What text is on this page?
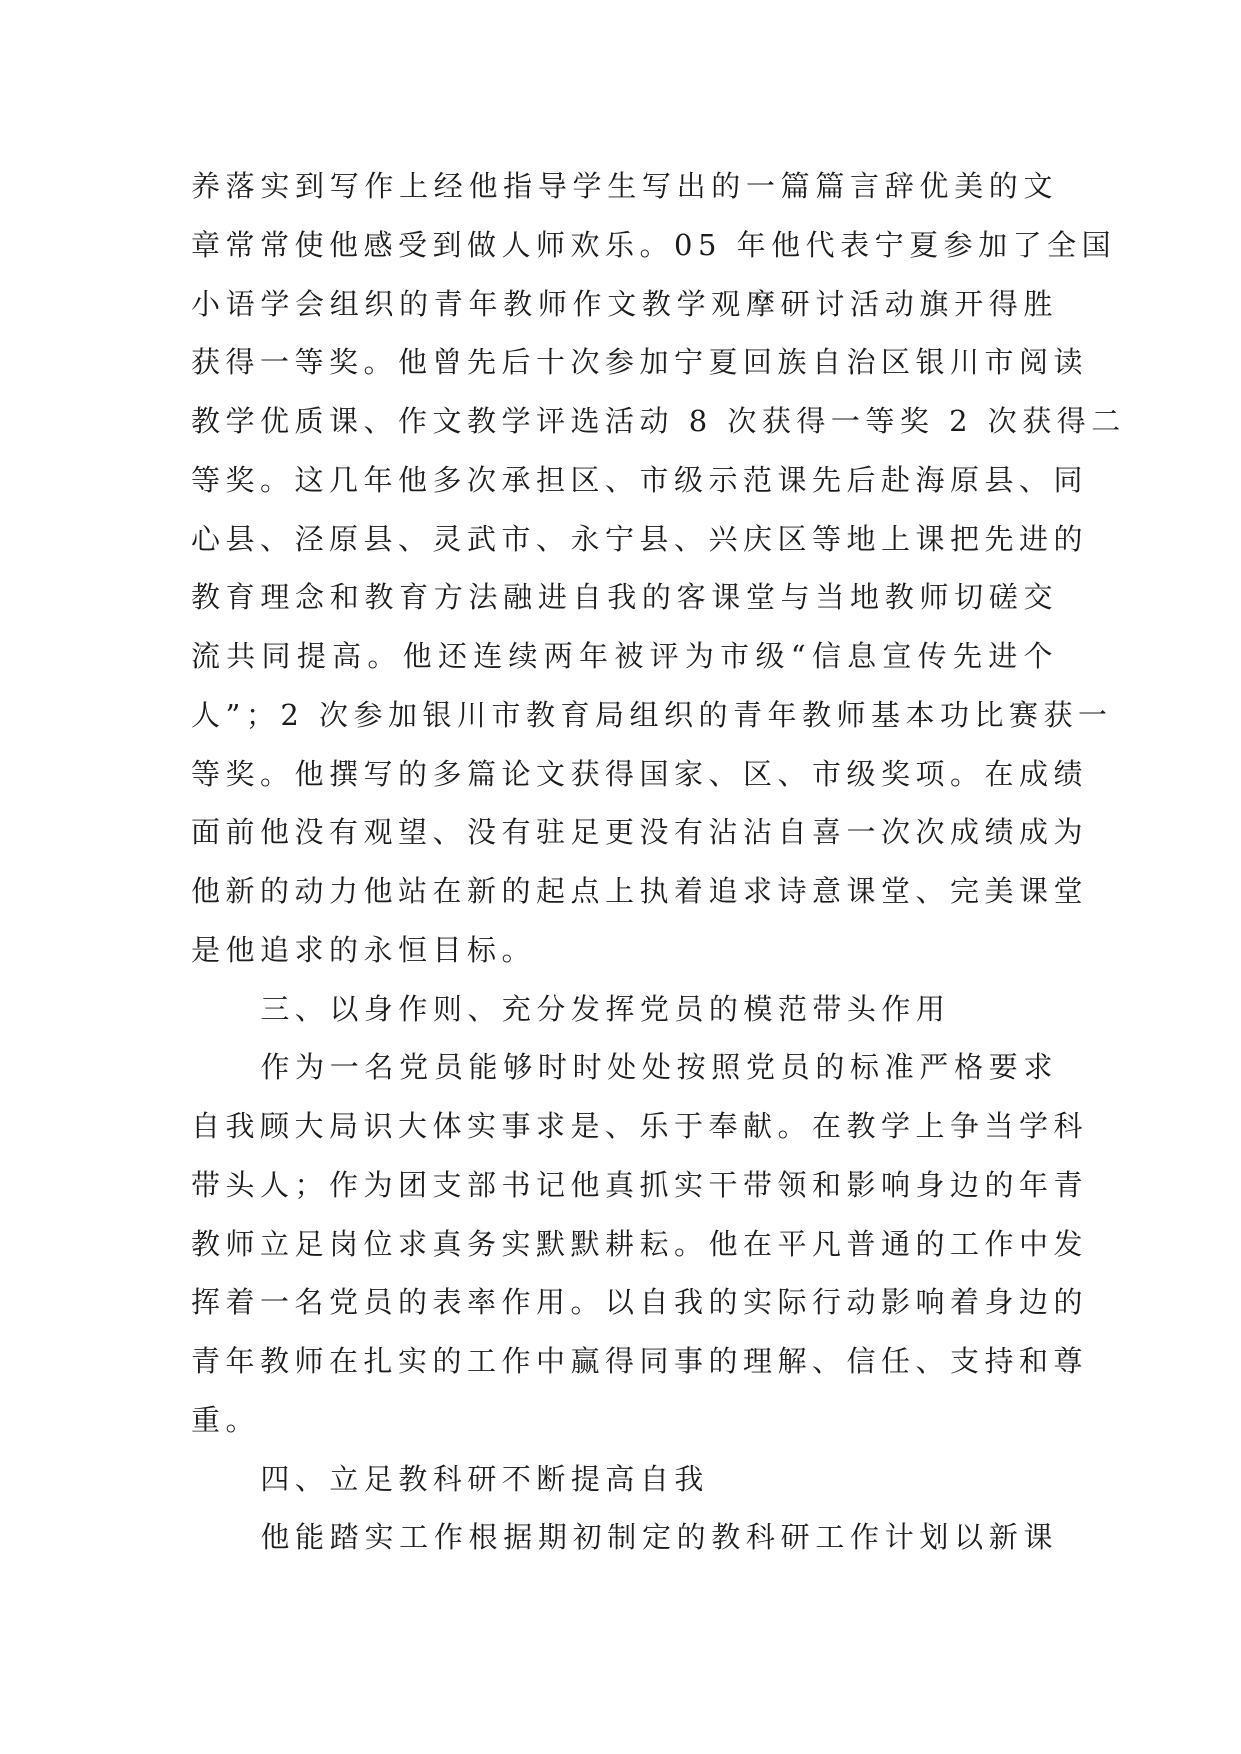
养落实到写作上经他指导学生写出的一篇篇言辞优美的文
章常常使他感受到做人师欢乐。05 年他代表宁夏参加了全国
小语学会组织的青年教师作文教学观摩研讨活动旗开得胜
获得一等奖。他曾先后十次参加宁夏回族自治区银川市阅读
教学优质课、作文教学评选活动 8 次获得一等奖 2 次获得二
等奖。这几年他多次承担区、市级示范课先后赴海原县、同
心县、泾原县、灵武市、永宁县、兴庆区等地上课把先进的
教育理念和教育方法融进自我的客课堂与当地教师切磋交
流共同提高。他还连续两年被评为市级“信息宣传先进个
人”；2 次参加银川市教育局组织的青年教师基本功比赛获一
等奖。他撰写的多篇论文获得国家、区、市级奖项。在成绩
面前他没有观望、没有驻足更没有沾沾自喜一次次成绩成为
他新的动力他站在新的起点上执着追求诗意课堂、完美课堂
是他追求的永恒目标。
三、以身作则、充分发挥党员的模范带头作用
作为一名党员能够时时处处按照党员的标准严格要求
自我顾大局识大体实事求是、乐于奉献。在教学上争当学科
带头人；作为团支部书记他真抓实干带领和影响身边的年青
教师立足岗位求真务实默默耕耘。他在平凡普通的工作中发
挥着一名党员的表率作用。以自我的实际行动影响着身边的
青年教师在扎实的工作中赢得同事的理解、信任、支持和尊
重。
四、立足教科研不断提高自我
他能踏实工作根据期初制定的教科研工作计划以新课
